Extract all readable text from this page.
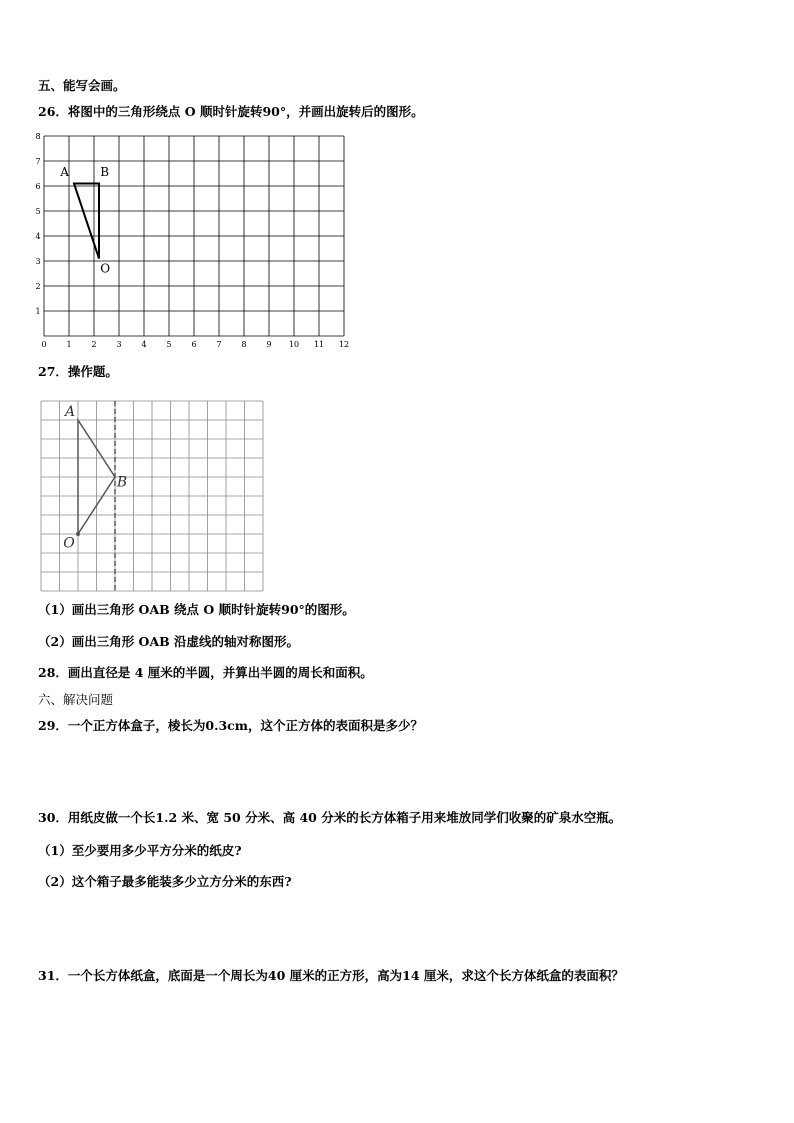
五、能写会画。
26．将图中的三角形绕点 O 顺时针旋转90°，并画出旋转后的图形。
0 1 2 3 4 5 6 7 8 9 10 11 12
1
2
3
4
5
6
7
8
A	B
O
27．操作题。
A
B
O
（1）画出三角形 OAB 绕点 O 顺时针旋转90°的图形。
（2）画出三角形 OAB 沿虚线的轴对称图形。
28．画出直径是 4 厘米的半圆，并算出半圆的周长和面积。
六、解决问题
29．一个正方体盒子，棱长为0.3cm，这个正方体的表面积是多少？
30．用纸皮做一个长1.2 米、宽 50 分米、高 40 分米的长方体箱子用来堆放同学们收聚的矿泉水空瓶。
（1）至少要用多少平方分米的纸皮?
（2）这个箱子最多能装多少立方分米的东西?
31．一个长方体纸盒，底面是一个周长为40 厘米的正方形，高为14 厘米，求这个长方体纸盒的表面积？
